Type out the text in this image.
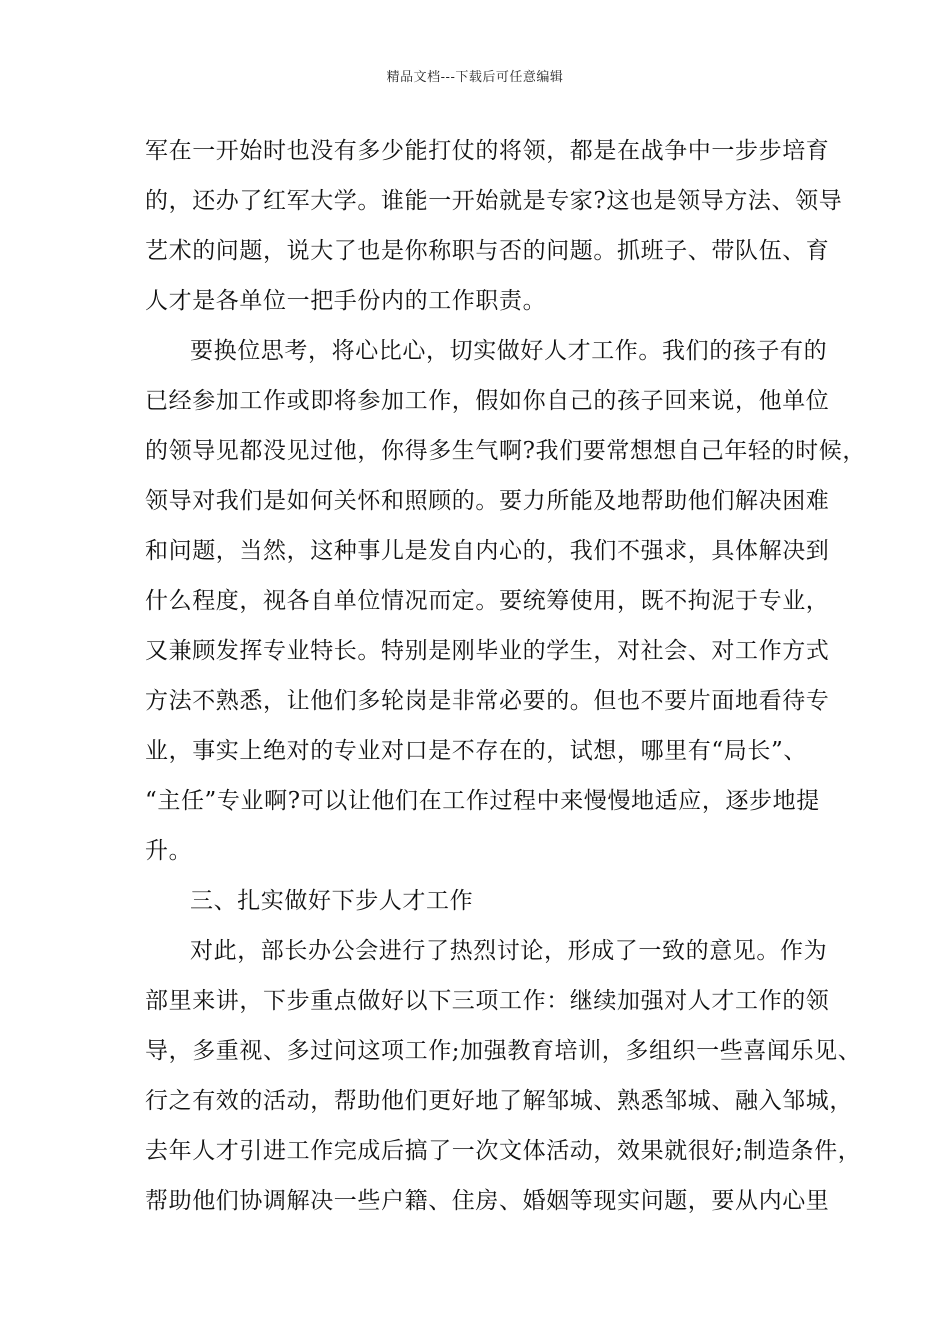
精品文档---下载后可任意编辑
军在一开始时也没有多少能打仗的将领，都是在战争中一步步培育
的，还办了红军大学。谁能一开始就是专家?这也是领导方法、领导
艺术的问题，说大了也是你称职与否的问题。抓班子、带队伍、育
人才是各单位一把手份内的工作职责。
要换位思考，将心比心，切实做好人才工作。我们的孩子有的
已经参加工作或即将参加工作，假如你自己的孩子回来说，他单位
的领导见都没见过他，你得多生气啊?我们要常想想自己年轻的时候，
领导对我们是如何关怀和照顾的。要力所能及地帮助他们解决困难
和问题，当然，这种事儿是发自内心的，我们不强求，具体解决到
什么程度，视各自单位情况而定。要统筹使用，既不拘泥于专业，
又兼顾发挥专业特长。特别是刚毕业的学生，对社会、对工作方式
方法不熟悉，让他们多轮岗是非常必要的。但也不要片面地看待专
业，事实上绝对的专业对口是不存在的，试想，哪里有“局长”、
“主任”专业啊?可以让他们在工作过程中来慢慢地适应，逐步地提
升。
三、扎实做好下步人才工作
对此，部长办公会进行了热烈讨论，形成了一致的意见。作为
部里来讲，下步重点做好以下三项工作：继续加强对人才工作的领
导，多重视、多过问这项工作;加强教育培训，多组织一些喜闻乐见、
行之有效的活动，帮助他们更好地了解邹城、熟悉邹城、融入邹城，
去年人才引进工作完成后搞了一次文体活动，效果就很好;制造条件，
帮助他们协调解决一些户籍、住房、婚姻等现实问题，要从内心里
